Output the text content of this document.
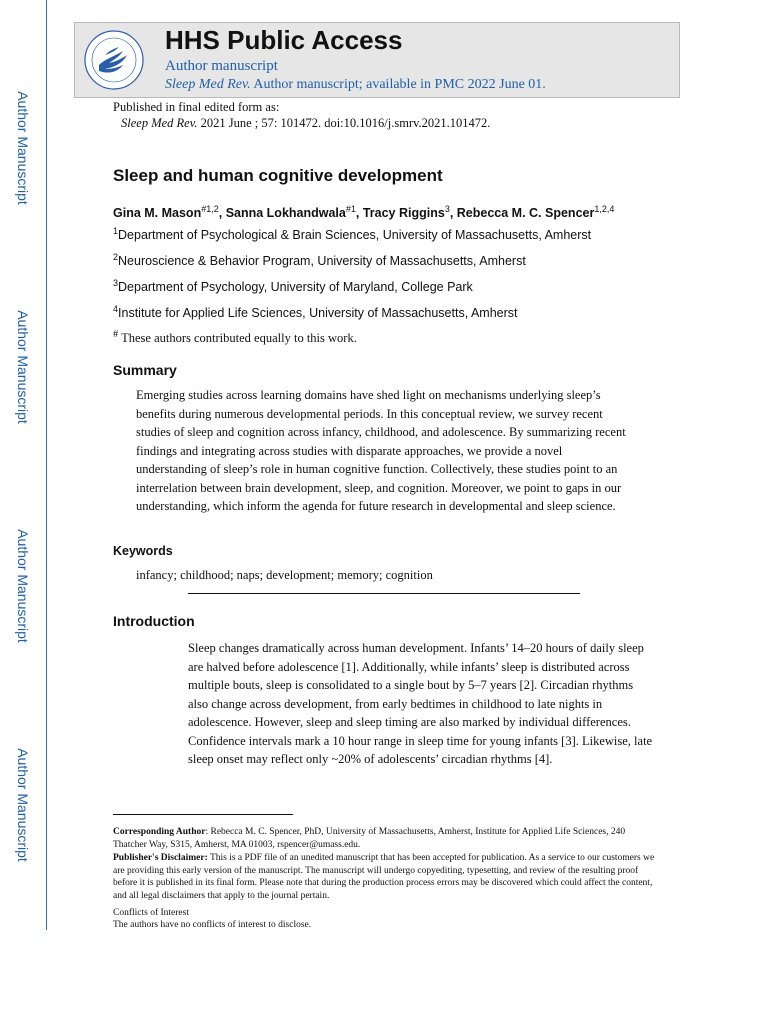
Author Manuscript
Author Manuscript
Author Manuscript
Author Manuscript
HHS Public Access
Author manuscript
Sleep Med Rev. Author manuscript; available in PMC 2022 June 01.
Published in final edited form as:
Sleep Med Rev. 2021 June ; 57: 101472. doi:10.1016/j.smrv.2021.101472.
Sleep and human cognitive development
Gina M. Mason$^{\#1,2}$, Sanna Lokhandwala$^{\#1}$, Tracy Riggins$^3$, Rebecca M. C. Spencer$^{1,2,4}$
$^1$Department of Psychological & Brain Sciences, University of Massachusetts, Amherst
$^2$Neuroscience & Behavior Program, University of Massachusetts, Amherst
$^3$Department of Psychology, University of Maryland, College Park
$^4$Institute for Applied Life Sciences, University of Massachusetts, Amherst
# These authors contributed equally to this work.
Summary
Emerging studies across learning domains have shed light on mechanisms underlying sleep’s
benefits during numerous developmental periods. In this conceptual review, we survey recent
studies of sleep and cognition across infancy, childhood, and adolescence. By summarizing recent
findings and integrating across studies with disparate approaches, we provide a novel
understanding of sleep’s role in human cognitive function. Collectively, these studies point to an
interrelation between brain development, sleep, and cognition. Moreover, we point to gaps in our
understanding, which inform the agenda for future research in developmental and sleep science.
Keywords
infancy; childhood; naps; development; memory; cognition
Introduction
Sleep changes dramatically across human development. Infants’ 14–20 hours of daily sleep
are halved before adolescence [1]. Additionally, while infants’ sleep is distributed across
multiple bouts, sleep is consolidated to a single bout by 5–7 years [2]. Circadian rhythms
also change across development, from early bedtimes in childhood to late nights in
adolescence. However, sleep and sleep timing are also marked by individual differences.
Confidence intervals mark a 10 hour range in sleep time for young infants [3]. Likewise, late
sleep onset may reflect only ~20% of adolescents’ circadian rhythms [4].
Corresponding Author: Rebecca M. C. Spencer, PhD, University of Massachusetts, Amherst, Institute for Applied Life Sciences, 240 Thatcher Way, S315, Amherst, MA 01003, rspencer@umass.edu.
Publisher's Disclaimer: This is a PDF file of an unedited manuscript that has been accepted for publication. As a service to our customers we are providing this early version of the manuscript. The manuscript will undergo copyediting, typesetting, and review of the resulting proof before it is published in its final form. Please note that during the production process errors may be discovered which could affect the content, and all legal disclaimers that apply to the journal pertain.
Conflicts of Interest
The authors have no conflicts of interest to disclose.
